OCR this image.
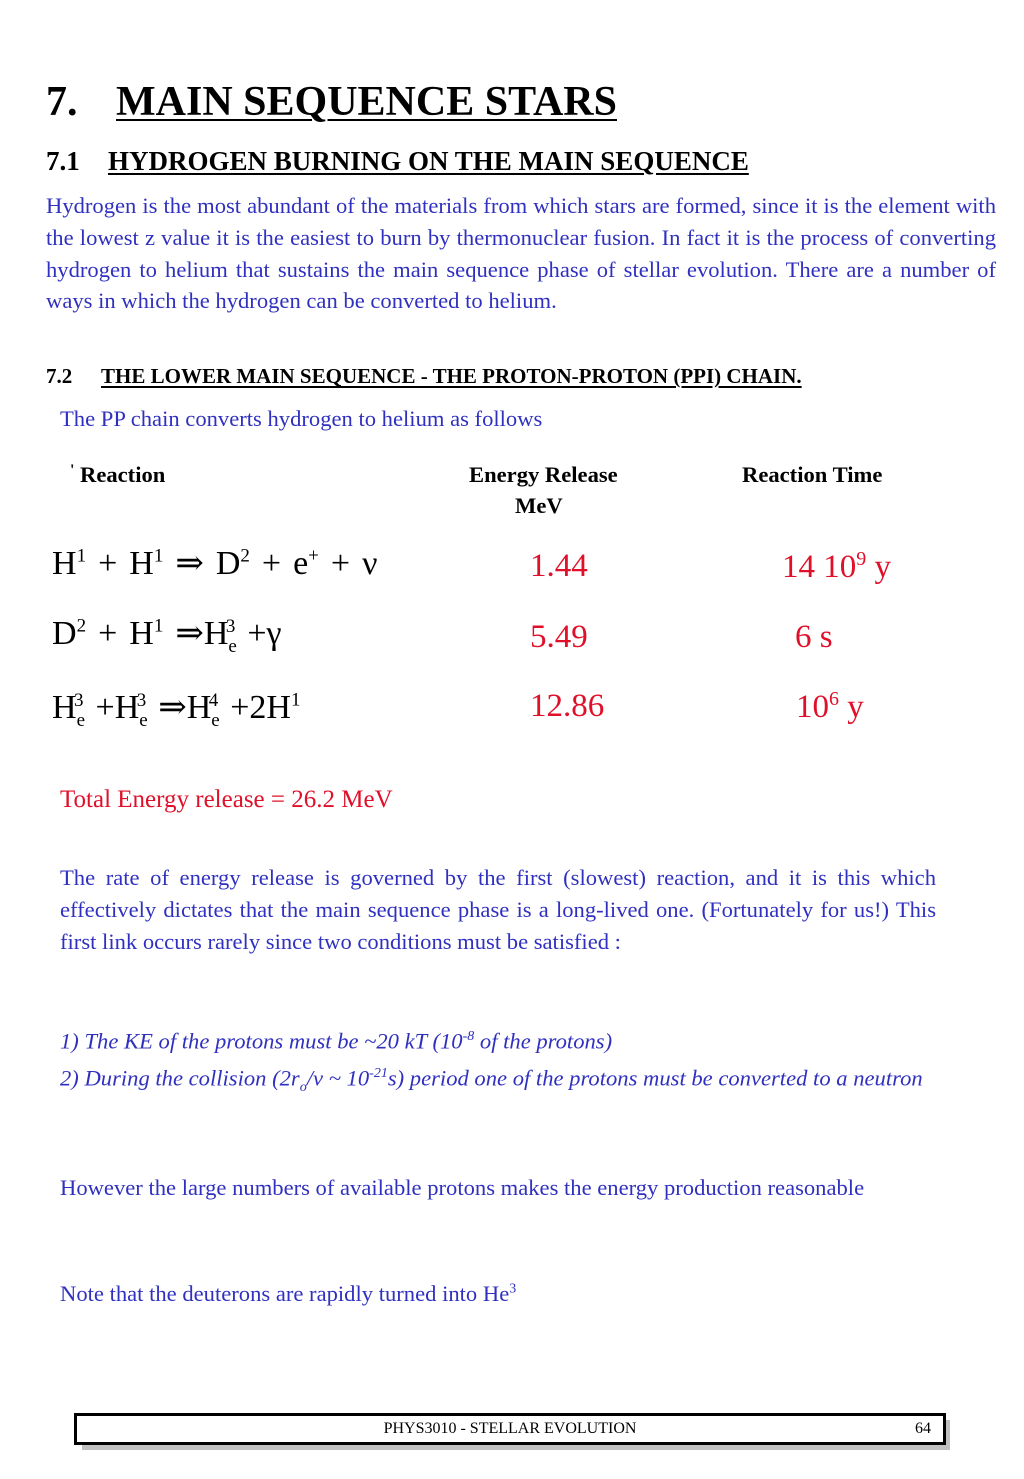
7. MAIN SEQUENCE STARS
7.1 HYDROGEN BURNING ON THE MAIN SEQUENCE
Hydrogen is the most abundant of the materials from which stars are formed, since it is the element with the lowest z value it is the easiest to burn by thermonuclear fusion. In fact it is the process of converting hydrogen to helium that sustains the main sequence phase of stellar evolution. There are a number of ways in which the hydrogen can be converted to helium.
7.2 THE LOWER MAIN SEQUENCE - THE PROTON-PROTON (PPI) CHAIN.
The PP chain converts hydrogen to helium as follows
' Reaction	Energy Release
MeV
Reaction Time
$H^1 + H^1$ ⇒ $D^2 + e^+ + \nu$
$D^2 + H^1$ $\Rightarrow H_e^3 +\gamma$
$H_e^3 +H_e^3$ $\Rightarrow H_e^4 +2H^1$
1.44
5.49
12.86
14 $10^9$ y
6 s
$10^6$ y
Total Energy release = 26.2 MeV
The rate of energy release is governed by the first (slowest) reaction, and it is this which effectively dictates that the main sequence phase is a long-lived one. (Fortunately for us!) This first link occurs rarely since two conditions must be satisfied :
1) The KE of the protons must be ~20 kT ($10^{-8}$ of the protons)
2) During the collision ($2r_o/v$ ~ $10^{-21}s$) period one of the protons must be converted to a neutron
However the large numbers of available protons makes the energy production reasonable
Note that the deuterons are rapidly turned into He$^3$
PHYS3010 - STELLAR EVOLUTION	64
